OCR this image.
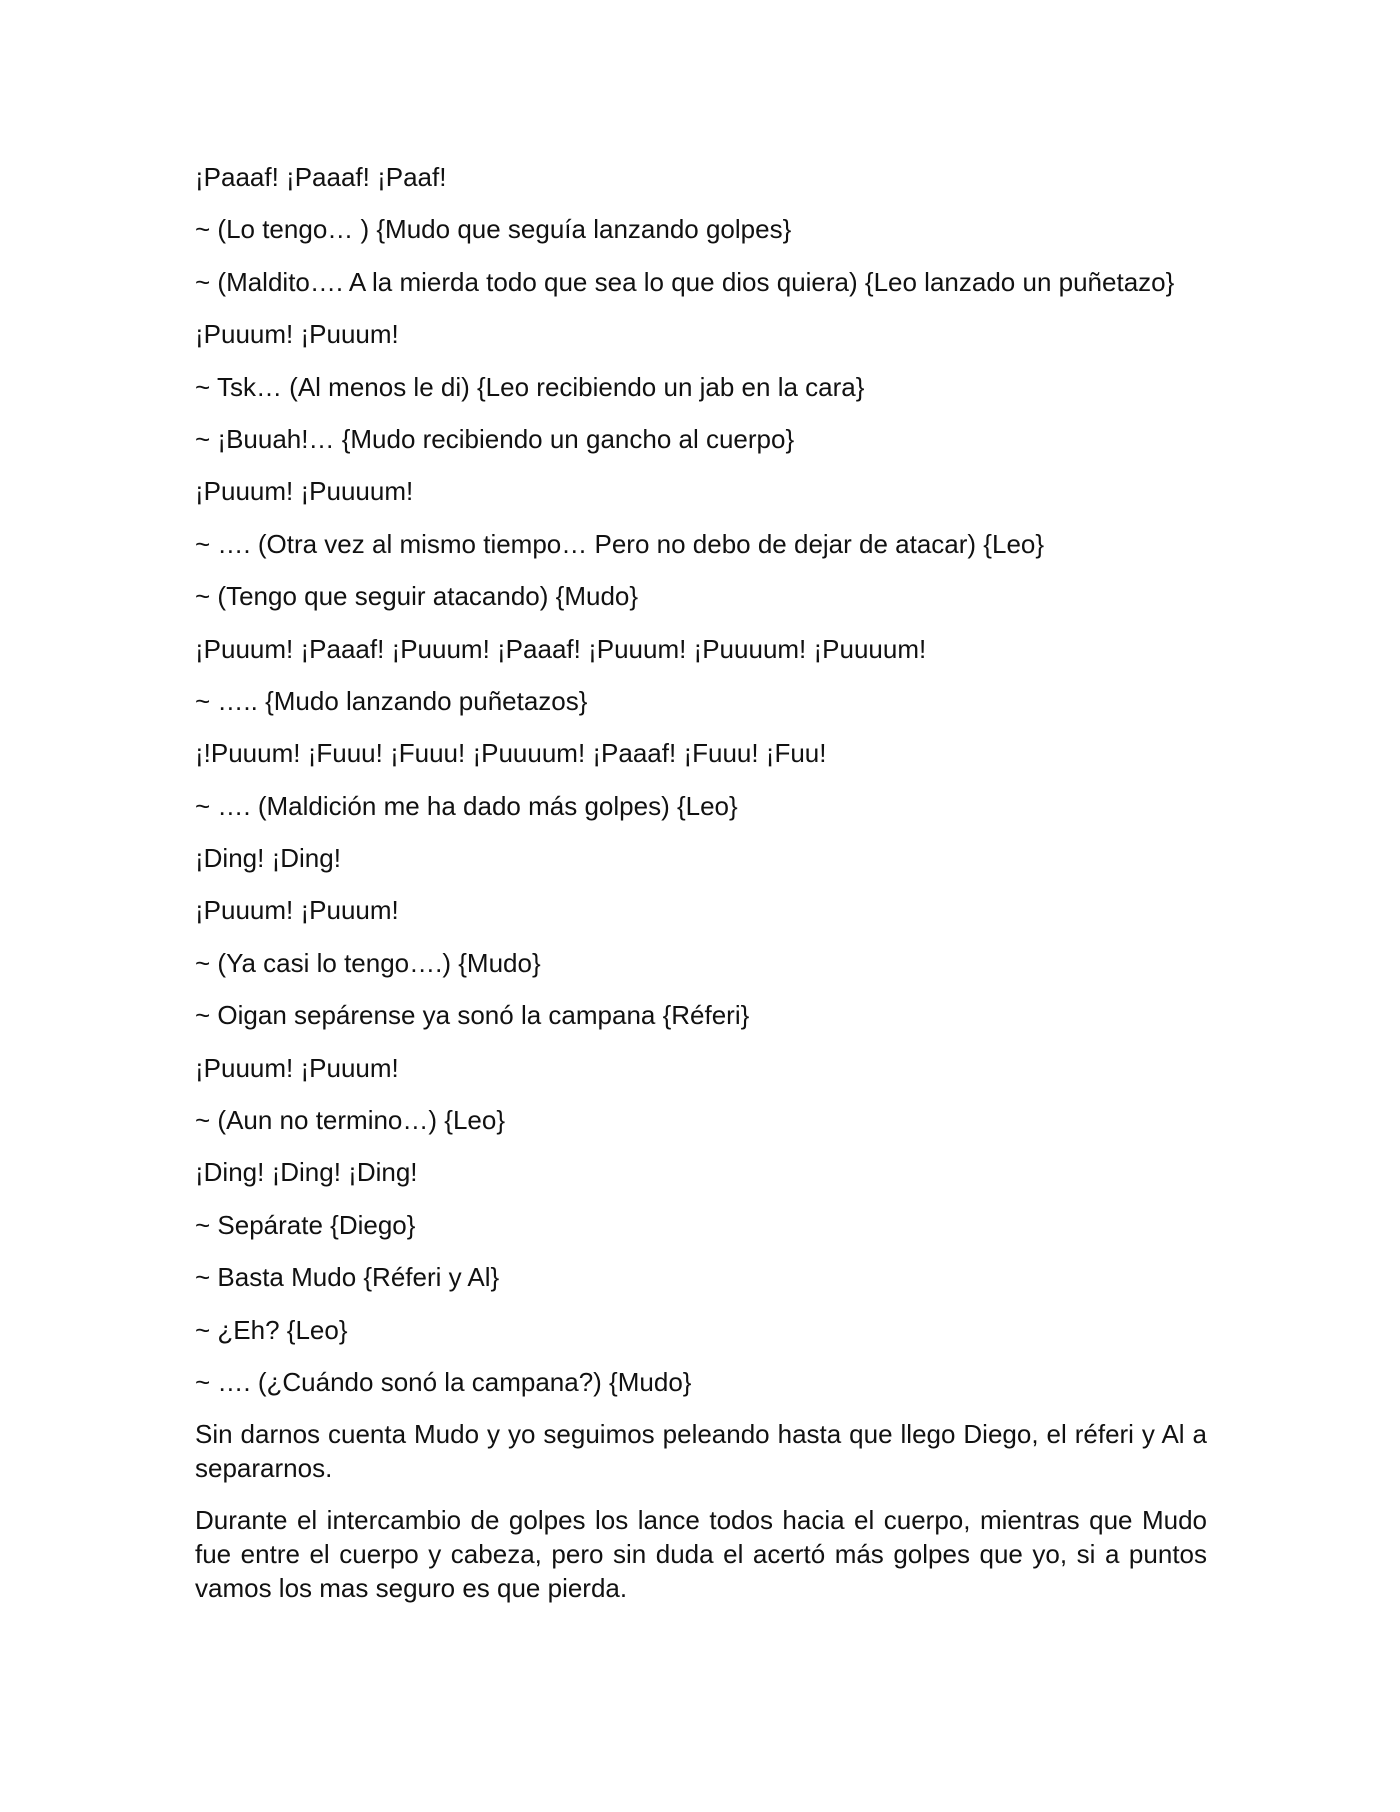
¡Paaaf! ¡Paaaf! ¡Paaf!
~ (Lo tengo… ) {Mudo que seguía lanzando golpes}
~ (Maldito…. A la mierda todo que sea lo que dios quiera) {Leo lanzado un puñetazo}
¡Puuum! ¡Puuum!
~ Tsk… (Al menos le di) {Leo recibiendo un jab en la cara}
~ ¡Buuah!… {Mudo recibiendo un gancho al cuerpo}
¡Puuum! ¡Puuuum!
~ …. (Otra vez al mismo tiempo… Pero no debo de dejar de atacar) {Leo}
~ (Tengo que seguir atacando) {Mudo}
¡Puuum! ¡Paaaf! ¡Puuum! ¡Paaaf! ¡Puuum! ¡Puuuum! ¡Puuuum!
~ ….. {Mudo lanzando puñetazos}
¡!Puuum! ¡Fuuu! ¡Fuuu! ¡Puuuum! ¡Paaaf! ¡Fuuu! ¡Fuu!
~ …. (Maldición me ha dado más golpes) {Leo}
¡Ding! ¡Ding!
¡Puuum! ¡Puuum!
~ (Ya casi lo tengo….) {Mudo}
~ Oigan sepárense ya sonó la campana {Réferi}
¡Puuum! ¡Puuum!
~ (Aun no termino…) {Leo}
¡Ding! ¡Ding! ¡Ding!
~ Sepárate {Diego}
~ Basta Mudo {Réferi y Al}
~ ¿Eh? {Leo}
~ …. (¿Cuándo sonó la campana?) {Mudo}

Sin darnos cuenta Mudo y yo seguimos peleando hasta que llego Diego, el réferi y Al a separarnos.

Durante el intercambio de golpes los lance todos hacia el cuerpo, mientras que Mudo fue entre el cuerpo y cabeza, pero sin duda el acertó más golpes que yo, si a puntos vamos los mas seguro es que pierda.
